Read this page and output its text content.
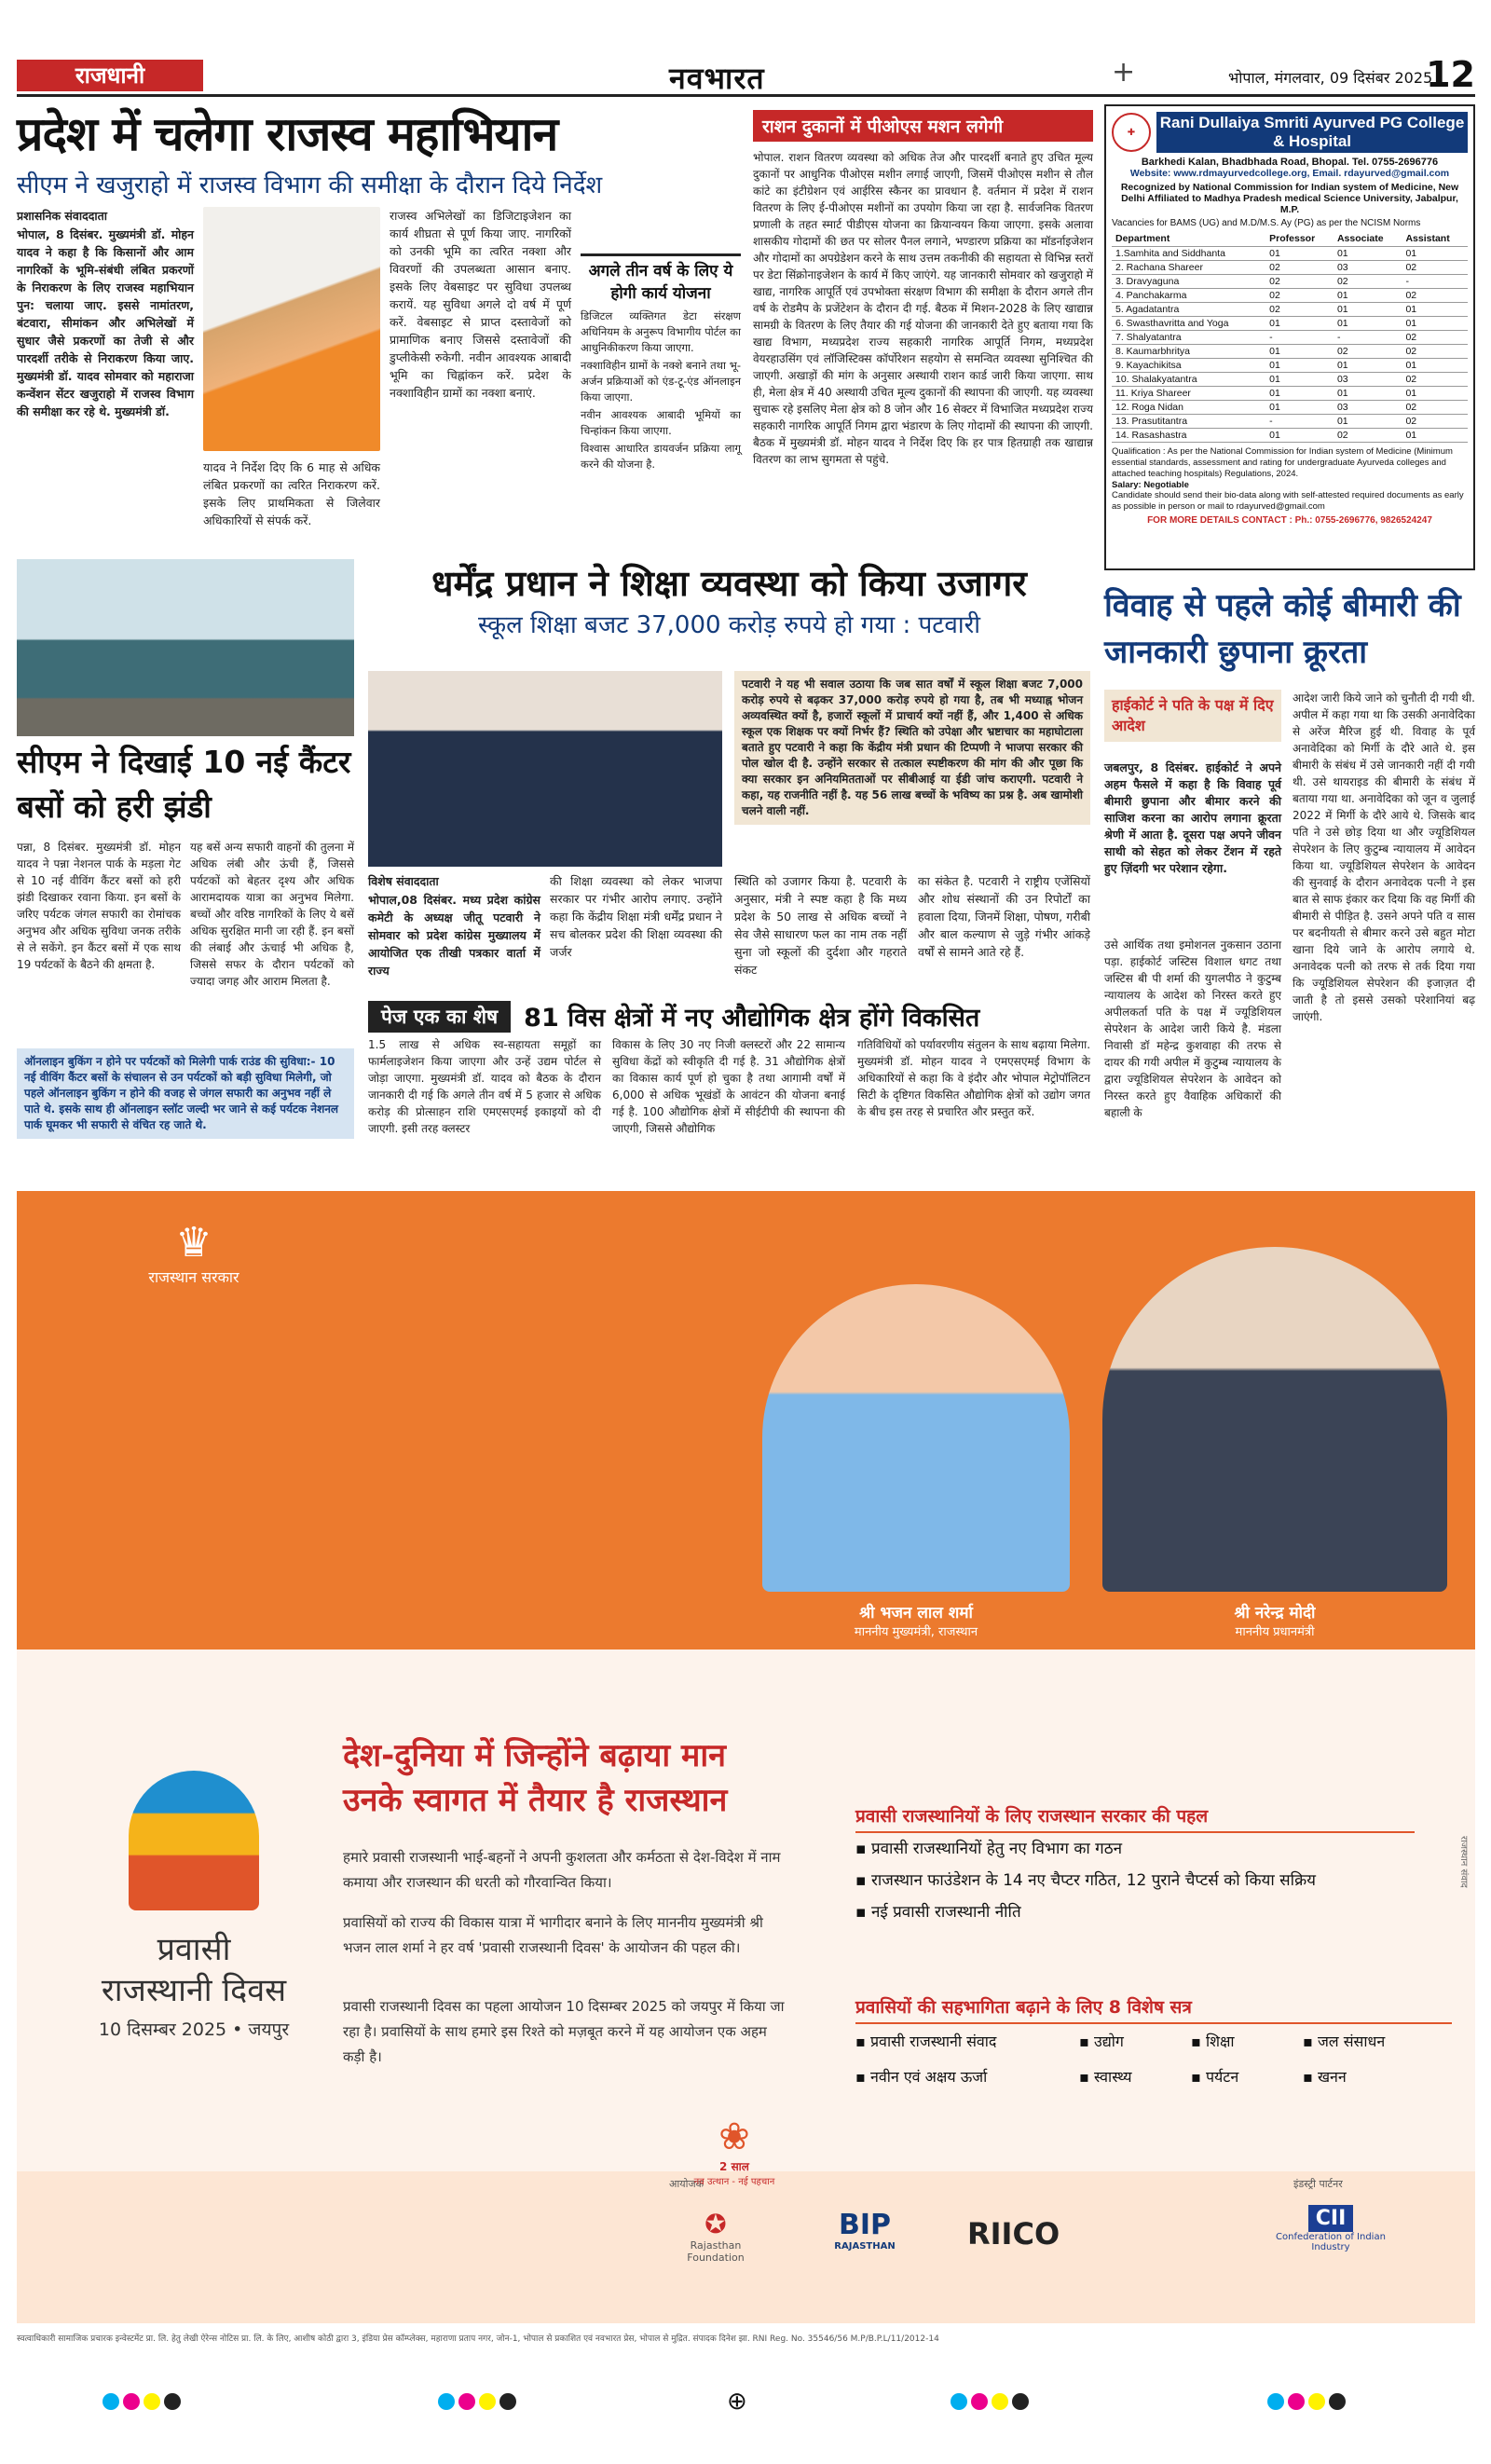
राजधानी	नवभारत	+	भोपाल, मंगलवार, 09 दिसंबर 2025
12
प्रदेश में चलेगा राजस्व महाभियान
सीएम ने खजुराहो में राजस्व विभाग की समीक्षा के दौरान दिये निर्देश
प्रशासनिक संवाददाता
भोपाल, 8 दिसंबर. मुख्यमंत्री डॉ. मोहन यादव ने कहा है कि किसानों और आम नागरिकों के भूमि-संबंधी लंबित प्रकरणों के निराकरण के लिए राजस्व महाभियान पुन: चलाया जाए. इससे नामांतरण, बंटवारा, सीमांकन और अभिलेखों में सुधार जैसे प्रकरणों का तेजी से और पारदर्शी तरीके से निराकरण किया जाए. मुख्यमंत्री डॉ. यादव सोमवार को महाराजा कन्वेंशन सेंटर खजुराहो में राजस्व विभाग की समीक्षा कर रहे थे. मुख्यमंत्री डॉ.
यादव ने निर्देश दिए कि 6 माह से अधिक लंबित प्रकरणों का त्वरित निराकरण करें. इसके लिए प्राथमिकता से जिलेवार अधिकारियों से संपर्क करें.
राजस्व अभिलेखों का डिजिटाइजेशन का कार्य शीघ्रता से पूर्ण किया जाए. नागरिकों को उनकी भूमि का त्वरित नक्शा और विवरणों की उपलब्धता आसान बनाए. इसके लिए वेबसाइट पर सुविधा उपलब्ध करायें. यह सुविधा अगले दो वर्ष में पूर्ण करें. वेबसाइट से प्राप्त दस्तावेजों को प्रामाणिक बनाए जिससे दस्तावेजों की डुप्लीकेसी रुकेगी. नवीन आवश्यक आबादी भूमि का चिह्नांकन करें. प्रदेश के नक्शाविहीन ग्रामों का नक्शा बनाएं.
अगले तीन वर्ष के लिए ये होगी कार्य योजना
डिजिटल व्यक्तिगत डेटा संरक्षण अधिनियम के अनुरूप विभागीय पोर्टल का आधुनिकीकरण किया जाएगा.
नक्शाविहीन ग्रामों के नक्शे बनाने तथा भू-अर्जन प्रक्रियाओं को एंड-टू-एंड ऑनलाइन किया जाएगा.
नवीन आवश्यक आबादी भूमियों का चिन्हांकन किया जाएगा.
विश्वास आधारित डायवर्जन प्रक्रिया लागू करने की योजना है.
राशन दुकानों में पीओएस मशन लगेगी
भोपाल. राशन वितरण व्यवस्था को अधिक तेज और पारदर्शी बनाते हुए उचित मूल्य दुकानों पर आधुनिक पीओएस मशीन लगाई जाएगी, जिसमें पीओएस मशीन से तौल कांटे का इंटीग्रेशन एवं आईरिस स्कैनर का प्रावधान है. वर्तमान में प्रदेश में राशन वितरण के लिए ई-पीओएस मशीनों का उपयोग किया जा रहा है. सार्वजनिक वितरण प्रणाली के तहत स्मार्ट पीडीएस योजना का क्रियान्वयन किया जाएगा. इसके अलावा शासकीय गोदामों की छत पर सोलर पैनल लगाने, भण्डारण प्रक्रिया का मॉडर्नाइजेशन और गोदामों का अपग्रेडेशन करने के साथ उत्तम तकनीकी की सहायता से विभिन्न स्तरों पर डेटा सिंक्रोनाइजेशन के कार्य में किए जाएंगे. यह जानकारी सोमवार को खजुराहो में खाद्य, नागरिक आपूर्ति एवं उपभोक्ता संरक्षण विभाग की समीक्षा के दौरान अगले तीन वर्ष के रोडमैप के प्रजेंटेशन के दौरान दी गई. बैठक में मिशन-2028 के लिए खाद्यान्न सामग्री के वितरण के लिए तैयार की गई योजना की जानकारी देते हुए बताया गया कि खाद्य विभाग, मध्यप्रदेश राज्य सहकारी नागरिक आपूर्ति निगम, मध्यप्रदेश वेयरहाउसिंग एवं लॉजिस्टिक्स कॉर्पोरेशन सहयोग से समन्वित व्यवस्था सुनिश्चित की जाएगी. अखाड़ों की मांग के अनुसार अस्थायी राशन कार्ड जारी किया जाएगा. साथ ही, मेला क्षेत्र में 40 अस्थायी उचित मूल्य दुकानों की स्थापना की जाएगी. यह व्यवस्था सुचारू रहे इसलिए मेला क्षेत्र को 8 जोन और 16 सेक्टर में विभाजित मध्यप्रदेश राज्य सहकारी नागरिक आपूर्ति निगम द्वारा भंडारण के लिए गोदामों की स्थापना की जाएगी. बैठक में मुख्यमंत्री डॉ. मोहन यादव ने निर्देश दिए कि हर पात्र हितग्राही तक खाद्यान्न वितरण का लाभ सुगमता से पहुंचे.
✚
Rani Dullaiya Smriti Ayurved PG College & Hospital
Barkhedi Kalan, Bhadbhada Road, Bhopal. Tel. 0755-2696776
Website: www.rdmayurvedcollege.org, Email. rdayurved@gmail.com
Recognized by National Commission for Indian system of Medicine, New Delhi Affiliated to Madhya Pradesh medical Science University, Jabalpur, M.P.
Vacancies for BAMS (UG) and M.D/M.S. Ay (PG) as per the NCISM Norms
Department	Professor	Associate	Assistant
1.Samhita and Siddhanta	01	01	01
2. Rachana Shareer	02	03	02
3. Dravyaguna	02	02	-
4. Panchakarma	02	01	02
5. Agadatantra	02	01	01
6. Swasthavritta and Yoga	01	01	01
7. Shalyatantra	-	-	02
8. Kaumarbhritya	01	02	02
9. Kayachikitsa	01	01	01
10. Shalakyatantra	01	03	02
11. Kriya Shareer	01	01	01
12. Roga Nidan	01	03	02
13. Prasutitantra	-	01	02
14. Rasashastra	01	02	01
Qualification : As per the National Commission for Indian system of Medicine (Minimum essential standards, assessment and rating for undergraduate Ayurveda colleges and attached teaching hospitals) Regulations, 2024.
Salary: Negotiable
Candidate should send their bio-data along with self-attested required documents as early as possible in person or mail to rdayurved@gmail.com
FOR MORE DETAILS CONTACT : Ph.: 0755-2696776, 9826524247
सीएम ने दिखाई 10 नई कैंटर बसों को हरी झंडी
पन्ना, 8 दिसंबर. मुख्यमंत्री डॉ. मोहन यादव ने पन्ना नेशनल पार्क के मड़ला गेट से 10 नई वीविंग कैंटर बसों को हरी झंडी दिखाकर रवाना किया. इन बसों के जरिए पर्यटक जंगल सफारी का रोमांचक अनुभव और अधिक सुविधा जनक तरीके से ले सकेंगे. इन कैंटर बसों में एक साथ 19 पर्यटकों के बैठने की क्षमता है.
यह बसें अन्य सफारी वाहनों की तुलना में अधिक लंबी और ऊंची हैं, जिससे पर्यटकों को बेहतर दृश्य और अधिक आरामदायक यात्रा का अनुभव मिलेगा. बच्चों और वरिष्ठ नागरिकों के लिए ये बसें अधिक सुरक्षित मानी जा रही हैं. इन बसों की लंबाई और ऊंचाई भी अधिक है, जिससे सफर के दौरान पर्यटकों को ज्यादा जगह और आराम मिलता है.
ऑनलाइन बुकिंग न होने पर पर्यटकों को मिलेगी पार्क राउंड की सुविधा:- 10 नई वीविंग कैंटर बसों के संचालन से उन पर्यटकों को बड़ी सुविधा मिलेगी, जो पहले ऑनलाइन बुकिंग न होने की वजह से जंगल सफारी का अनुभव नहीं ले पाते थे. इसके साथ ही ऑनलाइन स्लॉट जल्दी भर जाने से कई पर्यटक नेशनल पार्क घूमकर भी सफारी से वंचित रह जाते थे.
धर्मेंद्र प्रधान ने शिक्षा व्यवस्था को किया उजागर
स्कूल शिक्षा बजट 37,000 करोड़ रुपये हो गया : पटवारी
पटवारी ने यह भी सवाल उठाया कि जब सात वर्षों में स्कूल शिक्षा बजट 7,000 करोड़ रुपये से बढ़कर 37,000 करोड़ रुपये हो गया है, तब भी मध्याह्न भोजन अव्यवस्थित क्यों है, हजारों स्कूलों में प्राचार्य क्यों नहीं हैं, और 1,400 से अधिक स्कूल एक शिक्षक पर क्यों निर्भर हैं? स्थिति को उपेक्षा और भ्रष्टाचार का महाघोटाला बताते हुए पटवारी ने कहा कि केंद्रीय मंत्री प्रधान की टिप्पणी ने भाजपा सरकार की पोल खोल दी है. उन्होंने सरकार से तत्काल स्पष्टीकरण की मांग की और पूछा कि क्या सरकार इन अनियमितताओं पर सीबीआई या ईडी जांच कराएगी. पटवारी ने कहा, यह राजनीति नहीं है. यह 56 लाख बच्चों के भविष्य का प्रश्न है. अब खामोशी चलने वाली नहीं.
विशेष संवाददाता
भोपाल,08 दिसंबर. मध्य प्रदेश कांग्रेस कमेटी के अध्यक्ष जीतू पटवारी ने सोमवार को प्रदेश कांग्रेस मुख्यालय में आयोजित एक तीखी पत्रकार वार्ता में राज्य
की शिक्षा व्यवस्था को लेकर भाजपा सरकार पर गंभीर आरोप लगाए. उन्होंने कहा कि केंद्रीय शिक्षा मंत्री धर्मेंद्र प्रधान ने सच बोलकर प्रदेश की शिक्षा व्यवस्था की जर्जर
स्थिति को उजागर किया है. पटवारी के अनुसार, मंत्री ने स्पष्ट कहा है कि मध्य प्रदेश के 50 लाख से अधिक बच्चों ने सेव जैसे साधारण फल का नाम तक नहीं सुना जो स्कूलों की दुर्दशा और गहराते संकट
का संकेत है. पटवारी ने राष्ट्रीय एजेंसियों और शोध संस्थानों की उन रिपोर्टों का हवाला दिया, जिनमें शिक्षा, पोषण, गरीबी और बाल कल्याण से जुड़े गंभीर आंकड़े वर्षों से सामने आते रहे हैं.
पेज एक का शेष	81 विस क्षेत्रों में नए औद्योगिक क्षेत्र होंगे विकसित
1.5 लाख से अधिक स्व-सहायता समूहों का फार्मलाइजेशन किया जाएगा और उन्हें उद्यम पोर्टल से जोड़ा जाएगा. मुख्यमंत्री डॉ. यादव को बैठक के दौरान जानकारी दी गई कि अगले तीन वर्ष में 5 हजार से अधिक करोड़ की प्रोत्साहन राशि एमएसएमई इकाइयों को दी जाएगी. इसी तरह क्लस्टर
विकास के लिए 30 नए निजी क्लस्टरों और 22 सामान्य सुविधा केंद्रों को स्वीकृति दी गई है. 31 औद्योगिक क्षेत्रों का विकास कार्य पूर्ण हो चुका है तथा आगामी वर्षों में 6,000 से अधिक भूखंडों के आवंटन की योजना बनाई गई है. 100 औद्योगिक क्षेत्रों में सीईटीपी की स्थापना की जाएगी, जिससे औद्योगिक
गतिविधियों को पर्यावरणीय संतुलन के साथ बढ़ाया मिलेगा. मुख्यमंत्री डॉ. मोहन यादव ने एमएसएमई विभाग के अधिकारियों से कहा कि वे इंदौर और भोपाल मेट्रोपॉलिटन सिटी के दृष्टिगत विकसित औद्योगिक क्षेत्रों को उद्योग जगत के बीच इस तरह से प्रचारित और प्रस्तुत करें.
विवाह से पहले कोई बीमारी की जानकारी छुपाना क्रूरता
हाईकोर्ट ने पति के पक्ष में दिए आदेश
जबलपुर, 8 दिसंबर. हाईकोर्ट ने अपने अहम फैसले में कहा है कि विवाह पूर्व बीमारी छुपाना और बीमार करने की साजिश करना का आरोप लगाना क्रूरता श्रेणी में आता है. दूसरा पक्ष अपने जीवन साथी को सेहत को लेकर टेंशन में रहते हुए ज़िंदगी भर परेशान रहेगा.
उसे आर्थिक तथा इमोशनल नुकसान उठाना पड़ा. हाईकोर्ट जस्टिस विशाल धगट तथा जस्टिस बी पी शर्मा की युगलपीठ ने कुटुम्ब न्यायालय के आदेश को निरस्त करते हुए अपीलकर्ता पति के पक्ष में ज्यूडिशियल सेपरेशन के आदेश जारी किये है. मंडला निवासी डॉ महेन्द्र कुशवाहा की तरफ से दायर की गयी अपील में कुटुम्ब न्यायालय के द्वारा ज्यूडिशियल सेपरेशन के आवेदन को निरस्त करते हुए वैवाहिक अधिकारों की बहाली के
आदेश जारी किये जाने को चुनौती दी गयी थी. अपील में कहा गया था कि उसकी अनावेदिका से अरेंज मैरिज हुई थी. विवाह के पूर्व अनावेदिका को मिर्गी के दौरे आते थे. इस बीमारी के संबंध में उसे जानकारी नहीं दी गयी थी. उसे थायराइड की बीमारी के संबंध में बताया गया था. अनावेदिका को जून व जुलाई 2022 में मिर्गी के दौरे आये थे. जिसके बाद पति ने उसे छोड़ दिया था और ज्यूडिशियल सेपरेशन के लिए कुटुम्ब न्यायालय में आवेदन किया था. ज्यूडिशियल सेपरेशन के आवेदन की सुनवाई के दौरान अनावेदक पत्नी ने इस बात से साफ इंकार कर दिया कि वह मिर्गी की बीमारी से पीड़ित है. उसने अपने पति व सास पर बदनीयती से बीमार करने उसे बहुत मोटा खाना दिये जाने के आरोप लगाये थे. अनावेदक पत्नी को तरफ से तर्क दिया गया कि ज्यूडिशियल सेपरेशन की इजाज़त दी जाती है तो इससे उसको परेशानियां बढ़ जाएंगी.
♛
राजस्थान सरकार
श्री भजन लाल शर्मा
माननीय मुख्यमंत्री, राजस्थान
श्री नरेन्द्र मोदी
माननीय प्रधानमंत्री
देश-दुनिया में जिन्होंने बढ़ाया मान
उनके स्वागत में तैयार है राजस्थान
हमारे प्रवासी राजस्थानी भाई-बहनों ने अपनी कुशलता और कर्मठता से देश-विदेश में नाम कमाया और राजस्थान की धरती को गौरवान्वित किया।
प्रवासियों को राज्य की विकास यात्रा में भागीदार बनाने के लिए माननीय मुख्यमंत्री श्री भजन लाल शर्मा ने हर वर्ष 'प्रवासी राजस्थानी दिवस' के आयोजन की पहल की।
प्रवासी राजस्थानी दिवस का पहला आयोजन 10 दिसम्बर 2025 को जयपुर में किया जा रहा है। प्रवासियों के साथ हमारे इस रिश्ते को मज़बूत करने में यह आयोजन एक अहम कड़ी है।
प्रवासी
राजस्थानी दिवस
10 दिसम्बर 2025 • जयपुर
प्रवासी राजस्थानियों के लिए राजस्थान सरकार की पहल
▪ प्रवासी राजस्थानियों हेतु नए विभाग का गठन
▪ राजस्थान फाउंडेशन के 14 नए चैप्टर गठित, 12 पुराने चैप्टर्स को किया सक्रिय
▪ नई प्रवासी राजस्थानी नीति
प्रवासियों की सहभागिता बढ़ाने के लिए 8 विशेष सत्र
▪ प्रवासी राजस्थानी संवाद	▪ उद्योग	▪ शिक्षा	▪ जल संसाधन
▪ नवीन एवं अक्षय ऊर्जा	▪ स्वास्थ्य	▪ पर्यटन	▪ खनन
आयोजक	इंडस्ट्री पार्टनर
✪
Rajasthan Foundation
BIP
RAJASTHAN	RIICO	CII
Confederation of Indian Industry
❀
2 साल
नव उत्थान - नई पहचान
राजस्थान संवाद
स्वत्वाधिकारी सामाजिक प्रचारक इन्वेस्टमेंट प्रा. लि. हेतु लेखी ऐरेन्स नोटिस प्रा. लि. के लिए, आशीष कोठी द्वारा 3, इंडिया प्रेस कॉम्प्लेक्स, महाराणा प्रताप नगर, जोन-1, भोपाल से प्रकाशित एवं नवभारत प्रेस, भोपाल से मुद्रित. संपादक दिनेश झा. RNI Reg. No. 35546/56 M.P/B.P.L/11/2012-14
⊕
